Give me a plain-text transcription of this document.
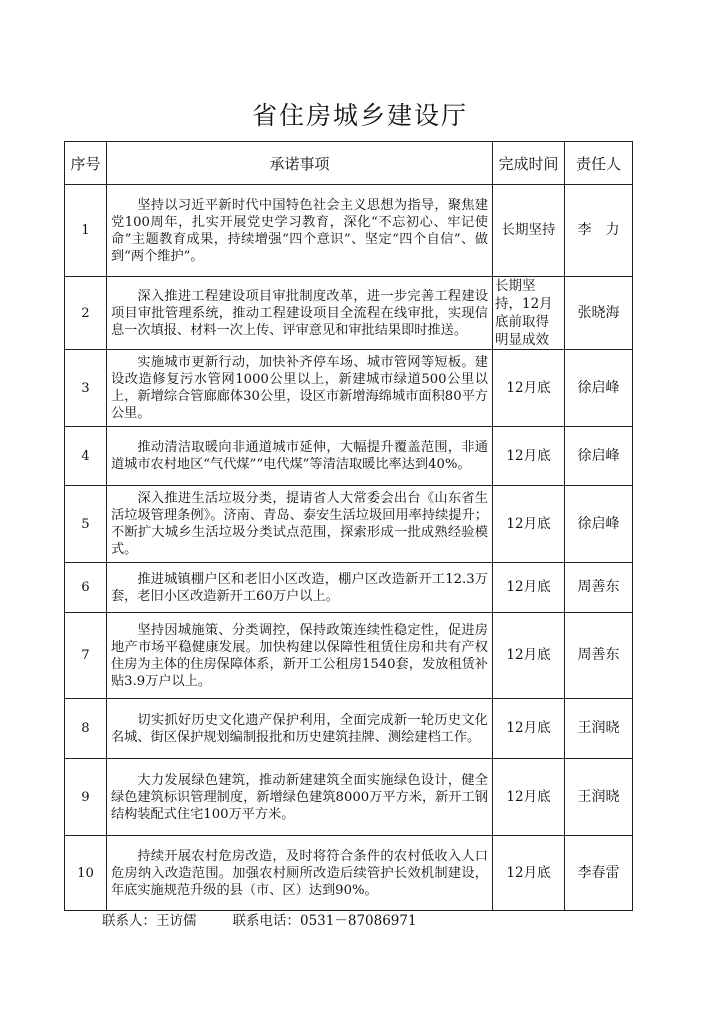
省住房城乡建设厅
序号	承诺事项	完成时间	责任人
1	坚持以习近平新时代中国特色社会主义思想为指导，聚焦建党100周年，扎实开展党史学习教育，深化“不忘初心、牢记使命”主题教育成果，持续增强“四个意识”、坚定“四个自信”、做到“两个维护”。	长期坚持	李　力
2	深入推进工程建设项目审批制度改革，进一步完善工程建设项目审批管理系统，推动工程建设项目全流程在线审批，实现信息一次填报、材料一次上传、评审意见和审批结果即时推送。	长期坚持，12月底前取得明显成效	张晓海
3	实施城市更新行动，加快补齐停车场、城市管网等短板。建设改造修复污水管网1000公里以上，新建城市绿道500公里以上，新增综合管廊廊体30公里，设区市新增海绵城市面积80平方公里。	12月底	徐启峰
4	推动清洁取暖向非通道城市延伸，大幅提升覆盖范围，非通道城市农村地区“气代煤”“电代煤”等清洁取暖比率达到40%。	12月底	徐启峰
5	深入推进生活垃圾分类，提请省人大常委会出台《山东省生活垃圾管理条例》。济南、青岛、泰安生活垃圾回用率持续提升；不断扩大城乡生活垃圾分类试点范围，探索形成一批成熟经验模式。	12月底	徐启峰
6	推进城镇棚户区和老旧小区改造，棚户区改造新开工12.3万套，老旧小区改造新开工60万户以上。	12月底	周善东
7	坚持因城施策、分类调控，保持政策连续性稳定性，促进房地产市场平稳健康发展。加快构建以保障性租赁住房和共有产权住房为主体的住房保障体系，新开工公租房1540套，发放租赁补贴3.9万户以上。	12月底	周善东
8	切实抓好历史文化遗产保护利用，全面完成新一轮历史文化名城、街区保护规划编制报批和历史建筑挂牌、测绘建档工作。	12月底	王润晓
9	大力发展绿色建筑，推动新建建筑全面实施绿色设计，健全绿色建筑标识管理制度，新增绿色建筑8000万平方米，新开工钢结构装配式住宅100万平方米。	12月底	王润晓
10	持续开展农村危房改造，及时将符合条件的农村低收入人口危房纳入改造范围。加强农村厕所改造后续管护长效机制建设，年底实施规范升级的县（市、区）达到90%。	12月底	李春雷
联系人：王访儒	联系电话：0531－87086971
